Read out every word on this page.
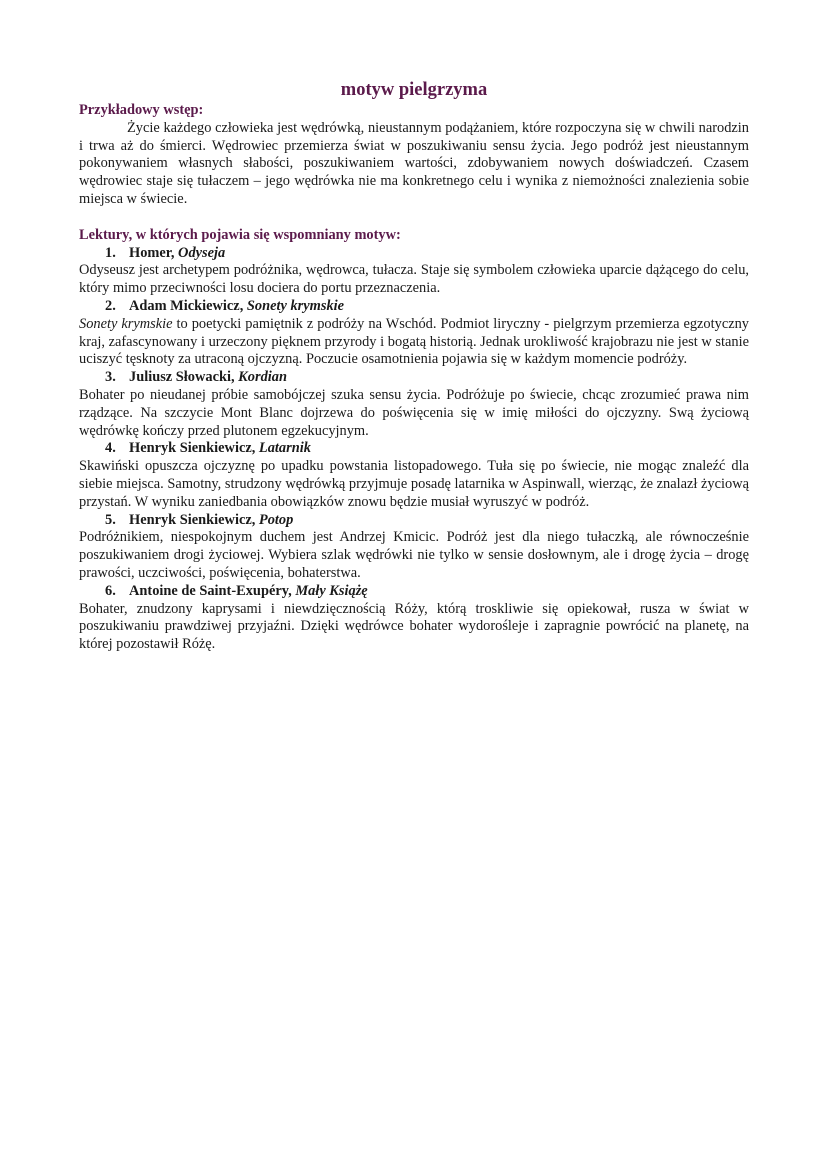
motyw pielgrzyma

Przykładowy wstęp:

Życie każdego człowieka jest wędrówką, nieustannym podążaniem, które rozpoczyna się w chwili narodzin i trwa aż do śmierci. Wędrowiec przemierza świat w poszukiwaniu sensu życia. Jego podróż jest nieustannym pokonywaniem własnych słabości, poszukiwaniem wartości, zdobywaniem nowych doświadczeń. Czasem wędrowiec staje się tułaczem – jego wędrówka nie ma konkretnego celu i wynika z niemożności znalezienia sobie miejsca w świecie.

Lektury, w których pojawia się wspomniany motyw:

1. Homer, Odyseja

Odyseusz jest archetypem podróżnika, wędrowca, tułacza. Staje się symbolem człowieka uparcie dążącego do celu, który mimo przeciwności losu dociera do portu przeznaczenia.

2. Adam Mickiewicz, Sonety krymskie

Sonety krymskie to poetycki pamiętnik z podróży na Wschód. Podmiot liryczny - pielgrzym przemierza egzotyczny kraj, zafascynowany i urzeczony pięknem przyrody i bogatą historią. Jednak urokliwość krajobrazu nie jest w stanie uciszyć tęsknoty za utraconą ojczyzną. Poczucie osamotnienia pojawia się w każdym momencie podróży.

3. Juliusz Słowacki, Kordian

Bohater po nieudanej próbie samobójczej szuka sensu życia. Podróżuje po świecie, chcąc zrozumieć prawa nim rządzące. Na szczycie Mont Blanc dojrzewa do poświęcenia się w imię miłości do ojczyzny. Swą życiową wędrówkę kończy przed plutonem egzekucyjnym.

4. Henryk Sienkiewicz, Latarnik

Skawiński opuszcza ojczyznę po upadku powstania listopadowego. Tuła się po świecie, nie mogąc znaleźć dla siebie miejsca. Samotny, strudzony wędrówką przyjmuje posadę latarnika w Aspinwall, wierząc, że znalazł życiową przystań. W wyniku zaniedbania obowiązków znowu będzie musiał wyruszyć w podróż.

5. Henryk Sienkiewicz, Potop

Podróżnikiem, niespokojnym duchem jest Andrzej Kmicic. Podróż jest dla niego tułaczką, ale równocześnie poszukiwaniem drogi życiowej. Wybiera szlak wędrówki nie tylko w sensie dosłownym, ale i drogę życia – drogę prawości, uczciwości, poświęcenia, bohaterstwa.

6. Antoine de Saint-Exupéry, Mały Książę

Bohater, znudzony kaprysami i niewdzięcznością Róży, którą troskliwie się opiekował, rusza w świat w poszukiwaniu prawdziwej przyjaźni. Dzięki wędrówce bohater wydorośleje i zapragnie powrócić na planetę, na której pozostawił Różę.
